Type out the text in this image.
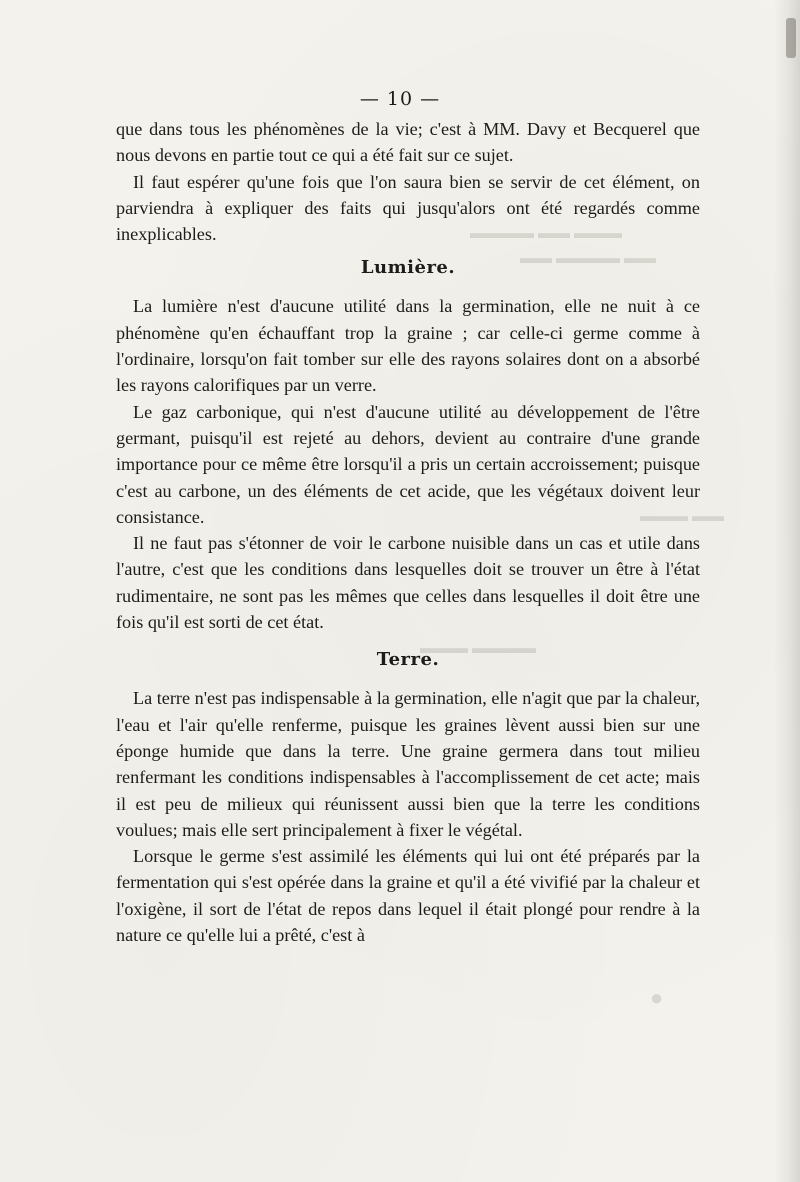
— 10 —

que dans tous les phénomènes de la vie; c'est à MM. Davy et Becquerel que nous devons en partie tout ce qui a été fait sur ce sujet.

Il faut espérer qu'une fois que l'on saura bien se servir de cet élément, on parviendra à expliquer des faits qui jusqu'alors ont été regardés comme inexplicables.

Lumière.

La lumière n'est d'aucune utilité dans la germination, elle ne nuit à ce phénomène qu'en échauffant trop la graine ; car celle-ci germe comme à l'ordinaire, lorsqu'on fait tomber sur elle des rayons solaires dont on a absorbé les rayons calorifiques par un verre.

Le gaz carbonique, qui n'est d'aucune utilité au développement de l'être germant, puisqu'il est rejeté au dehors, devient au contraire d'une grande importance pour ce même être lorsqu'il a pris un certain accroissement; puisque c'est au carbone, un des éléments de cet acide, que les végétaux doivent leur consistance.

Il ne faut pas s'étonner de voir le carbone nuisible dans un cas et utile dans l'autre, c'est que les conditions dans lesquelles doit se trouver un être à l'état rudimentaire, ne sont pas les mêmes que celles dans lesquelles il doit être une fois qu'il est sorti de cet état.

Terre.

La terre n'est pas indispensable à la germination, elle n'agit que par la chaleur, l'eau et l'air qu'elle renferme, puisque les graines lèvent aussi bien sur une éponge humide que dans la terre. Une graine germera dans tout milieu renfermant les conditions indispensables à l'accomplissement de cet acte; mais il est peu de milieux qui réunissent aussi bien que la terre les conditions voulues; mais elle sert principalement à fixer le végétal.

Lorsque le germe s'est assimilé les éléments qui lui ont été préparés par la fermentation qui s'est opérée dans la graine et qu'il a été vivifié par la chaleur et l'oxigène, il sort de l'état de repos dans lequel il était plongé pour rendre à la nature ce qu'elle lui a prêté, c'est à

▬▬▬ ▬▬ ▬▬▬▬
▬▬ ▬▬▬▬ ▬▬
▬▬ ▬▬▬
▬▬▬▬ ▬▬▬
●
